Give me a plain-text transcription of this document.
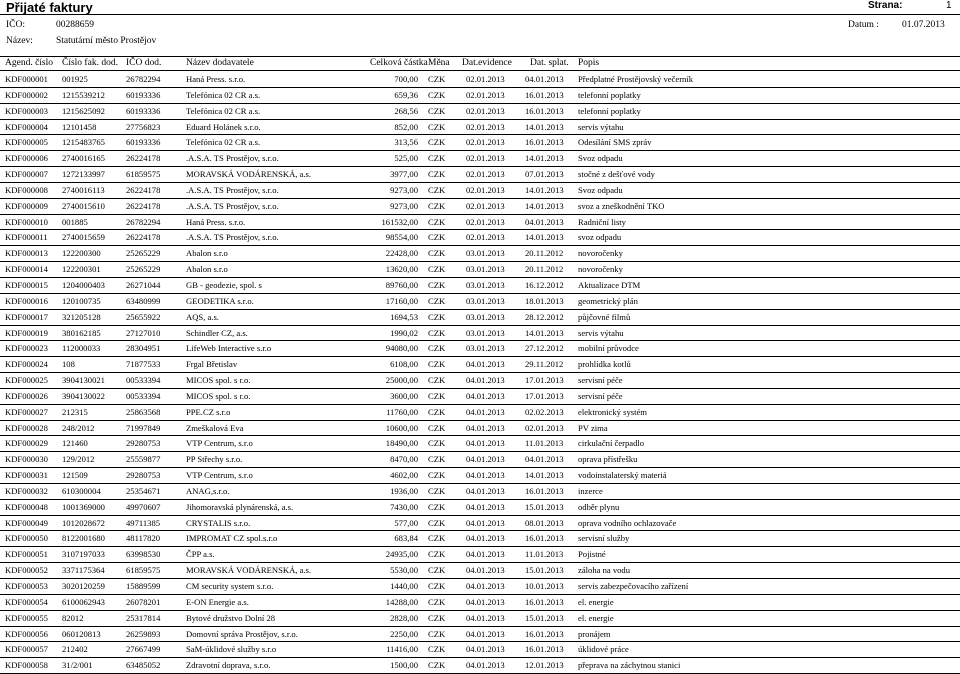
Přijaté faktury	Strana:	1
IČO:	00288659
Název: Statutární město Prostějov
Datum : 01.07.2013
Agend. číslo Číslo fak. dod. IČO dod.	Název dodavatele	Celková částka Měna Dat.evidence Dat. splat. Popis
KDF000001 001925	26782294	Haná Press. s.r.o.	700,00 CZK 02.01.2013 04.01.2013 Předplatné Prostějovský večerník
KDF000002 1215539212 60193336	Telefónica 02 CR a.s.	659,36 CZK 02.01.2013 16.01.2013 telefonní poplatky
KDF000003 1215625092 60193336	Telefónica 02 CR a.s.	268,56 CZK 02.01.2013 16.01.2013 telefonní poplatky
KDF000004 12101458	27756823	Eduard Holánek s.r.o.	852,00 CZK 02.01.2013 14.01.2013 servis výtahu
KDF000005 1215483765 60193336	Telefónica 02 CR a.s.	313,56 CZK 02.01.2013 16.01.2013 Odesílání SMS zpráv
KDF000006 2740016165 26224178	.A.S.A. TS Prostějov, s.r.o.	525,00 CZK 02.01.2013 14.01.2013 Svoz odpadu
KDF000007 1272133997 61859575	MORAVSKÁ VODÁRENSKÁ, a.s.	3977,00 CZK 02.01.2013 07.01.2013 stočné z dešťové vody
KDF000008 2740016113 26224178	.A.S.A. TS Prostějov, s.r.o.	9273,00 CZK 02.01.2013 14.01.2013 Svoz odpadu
KDF000009 2740015610 26224178	.A.S.A. TS Prostějov, s.r.o.	9273,00 CZK 02.01.2013 14.01.2013 svoz a zneškodnění TKO
KDF000010 001885	26782294	Haná Press. s.r.o.	161532,00 CZK 02.01.2013 04.01.2013 Radniční listy
KDF000011 2740015659 26224178	.A.S.A. TS Prostějov, s.r.o.	98554,00 CZK 02.01.2013 14.01.2013 svoz odpadu
KDF000013 122200300	25265229	Abalon s.r.o	22428,00 CZK 03.01.2013 20.11.2012 novoročenky
KDF000014 122200301	25265229	Abalon s.r.o	13620,00 CZK 03.01.2013 20.11.2012 novoročenky
KDF000015 1204000403 26271044	GB - geodezie, spol. s	89760,00 CZK 03.01.2013 16.12.2012 Aktualizace DTM
KDF000016 120100735	63480999	GEODETIKA s.r.o.	17160,00 CZK 03.01.2013 18.01.2013 geometrický plán
KDF000017 321205128	25655922	AQS, a.s.	1694,53 CZK 03.01.2013 28.12.2012 půjčovné filmů
KDF000019 380162185	27127010	Schindler CZ, a.s.	1990,02 CZK 03.01.2013 14.01.2013 servis výtahu
KDF000023 112000033	28304951	LifeWeb Interactive s.r.o	94080,00 CZK 03.01.2013 27.12.2012 mobilní průvodce
KDF000024 108	71877533	Frgal Břetislav	6108,00 CZK 04.01.2013 29.11.2012 prohlídka kotlů
KDF000025 3904130021 00533394	MICOS spol. s r.o.	25000,00 CZK 04.01.2013 17.01.2013 servisní péče
KDF000026 3904130022 00533394	MICOS spol. s r.o.	3600,00 CZK 04.01.2013 17.01.2013 servisní péče
KDF000027 212315	25863568	PPE.CZ s.r.o	11760,00 CZK 04.01.2013 02.02.2013 elektronický systém
KDF000028 248/2012	71997849	Zmeškalová Eva	10600,00 CZK 04.01.2013 02.01.2013 PV zima
KDF000029 121460	29280753	VTP Centrum, s.r.o	18490,00 CZK 04.01.2013 11.01.2013 cirkulační čerpadlo
KDF000030 129/2012	25559877	PP Střechy s.r.o.	8470,00 CZK 04.01.2013 04.01.2013 oprava přístřešku
KDF000031 121509	29280753	VTP Centrum, s.r.o	4602,00 CZK 04.01.2013 14.01.2013 vodoinstalaterský materiá
KDF000032 610300004	25354671	ANAG,s.r.o.	1936,00 CZK 04.01.2013 16.01.2013 inzerce
KDF000048 1001369000 49970607	Jihomoravská plynárenská, a.s.	7430,00 CZK 04.01.2013 15.01.2013 odběr plynu
KDF000049 1012028672 49711385	CRYSTALIS s.r.o.	577,00 CZK 04.01.2013 08.01.2013 oprava vodního ochlazovače
KDF000050 8122001680 48117820	IMPROMAT CZ spol.s.r.o	683,84 CZK 04.01.2013 16.01.2013 servisní služby
KDF000051 3107197033 63998530	ČPP a.s.	24935,00 CZK 04.01.2013 11.01.2013 Pojistné
KDF000052 3371175364 61859575	MORAVSKÁ VODÁRENSKÁ, a.s.	5530,00 CZK 04.01.2013 15.01.2013 záloha na vodu
KDF000053 3020120259 15889599	CM security system s.r.o.	1440,00 CZK 04.01.2013 10.01.2013 servis zabezpečovacího zařízení
KDF000054 6100062943 26078201	E-ON Energie a.s.	14288,00 CZK 04.01.2013 16.01.2013 el. energie
KDF000055 82012	25317814	Bytové družstvo Dolní 28	2828,00 CZK 04.01.2013 15.01.2013 el. energie
KDF000056 060120813	26259893	Domovní správa Prostějov, s.r.o.	2250,00 CZK 04.01.2013 16.01.2013 pronájem
KDF000057 212402	27667499	SaM-úklidové služby s.r.o	11416,00 CZK 04.01.2013 16.01.2013 úklidové práce
KDF000058 31/2/001	63485052	Zdravotní doprava, s.r.o.	1500,00 CZK 04.01.2013 12.01.2013 přeprava na záchytnou stanici
